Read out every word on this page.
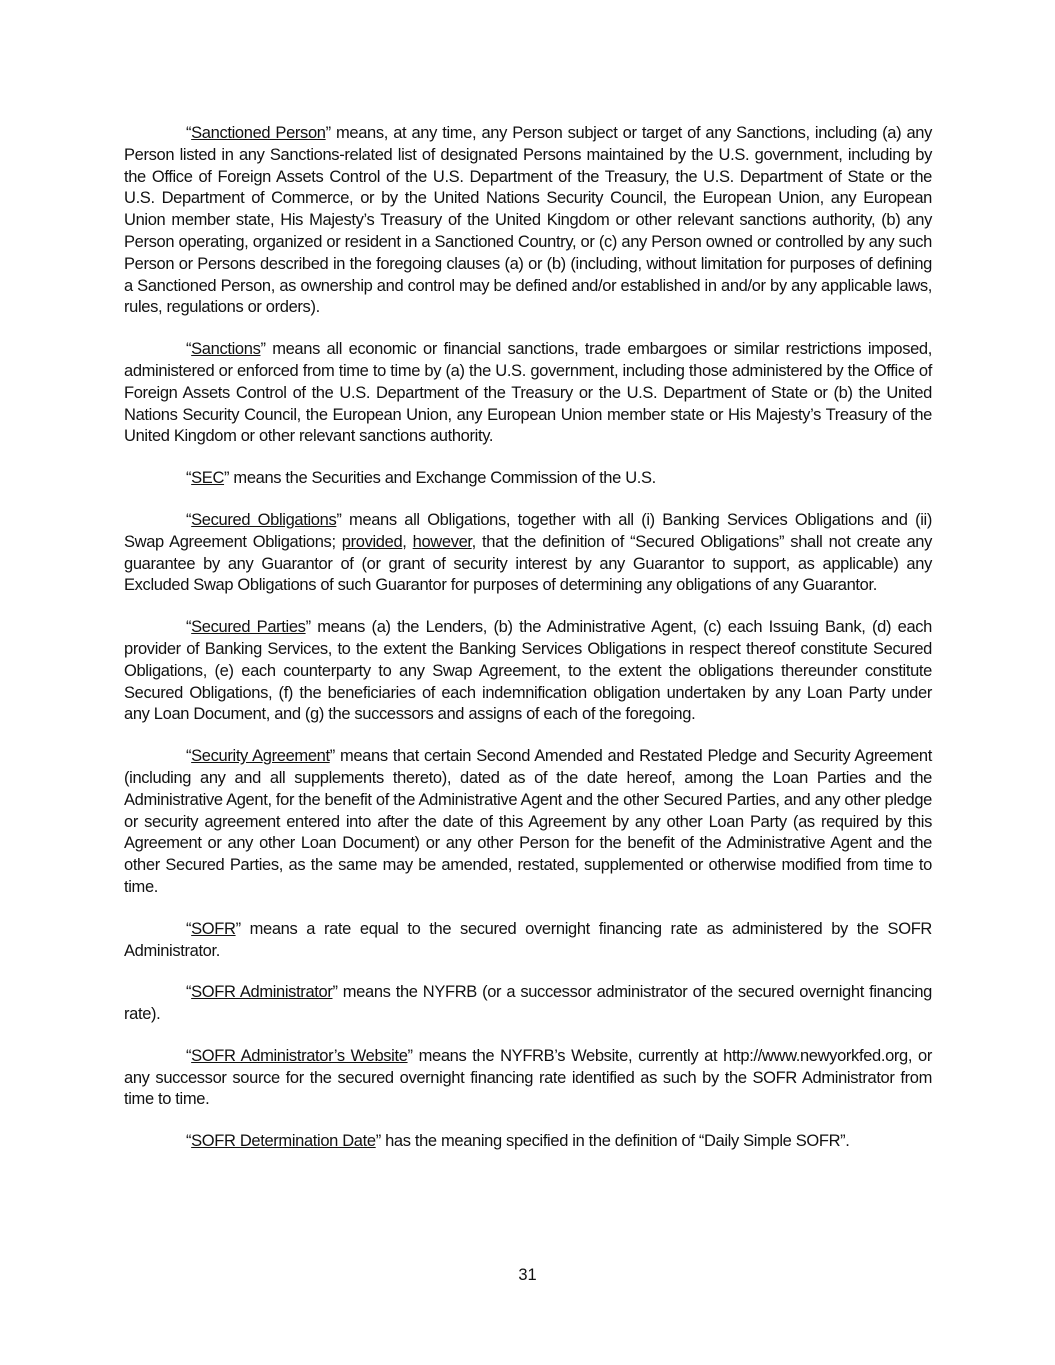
“Sanctioned Person” means, at any time, any Person subject or target of any Sanctions, including (a) any Person listed in any Sanctions-related list of designated Persons maintained by the U.S. government, including by the Office of Foreign Assets Control of the U.S. Department of the Treasury, the U.S. Department of State or the U.S. Department of Commerce, or by the United Nations Security Council, the European Union, any European Union member state, His Majesty’s Treasury of the United Kingdom or other relevant sanctions authority, (b) any Person operating, organized or resident in a Sanctioned Country, or (c) any Person owned or controlled by any such Person or Persons described in the foregoing clauses (a) or (b) (including, without limitation for purposes of defining a Sanctioned Person, as ownership and control may be defined and/or established in and/or by any applicable laws, rules, regulations or orders).

“Sanctions” means all economic or financial sanctions, trade embargoes or similar restrictions imposed, administered or enforced from time to time by (a) the U.S. government, including those administered by the Office of Foreign Assets Control of the U.S. Department of the Treasury or the U.S. Department of State or (b) the United Nations Security Council, the European Union, any European Union member state or His Majesty’s Treasury of the United Kingdom or other relevant sanctions authority.

“SEC” means the Securities and Exchange Commission of the U.S.

“Secured Obligations” means all Obligations, together with all (i) Banking Services Obligations and (ii) Swap Agreement Obligations; provided, however, that the definition of “Secured Obligations” shall not create any guarantee by any Guarantor of (or grant of security interest by any Guarantor to support, as applicable) any Excluded Swap Obligations of such Guarantor for purposes of determining any obligations of any Guarantor.

“Secured Parties” means (a) the Lenders, (b) the Administrative Agent, (c) each Issuing Bank, (d) each provider of Banking Services, to the extent the Banking Services Obligations in respect thereof constitute Secured Obligations, (e) each counterparty to any Swap Agreement, to the extent the obligations thereunder constitute Secured Obligations, (f) the beneficiaries of each indemnification obligation undertaken by any Loan Party under any Loan Document, and (g) the successors and assigns of each of the foregoing.

“Security Agreement” means that certain Second Amended and Restated Pledge and Security Agreement (including any and all supplements thereto), dated as of the date hereof, among the Loan Parties and the Administrative Agent, for the benefit of the Administrative Agent and the other Secured Parties, and any other pledge or security agreement entered into after the date of this Agreement by any other Loan Party (as required by this Agreement or any other Loan Document) or any other Person for the benefit of the Administrative Agent and the other Secured Parties, as the same may be amended, restated, supplemented or otherwise modified from time to time.

“SOFR” means a rate equal to the secured overnight financing rate as administered by the SOFR Administrator.

“SOFR Administrator” means the NYFRB (or a successor administrator of the secured overnight financing rate).

“SOFR Administrator’s Website” means the NYFRB’s Website, currently at http://www.newyorkfed.org, or any successor source for the secured overnight financing rate identified as such by the SOFR Administrator from time to time.

“SOFR Determination Date” has the meaning specified in the definition of “Daily Simple SOFR”.

31
